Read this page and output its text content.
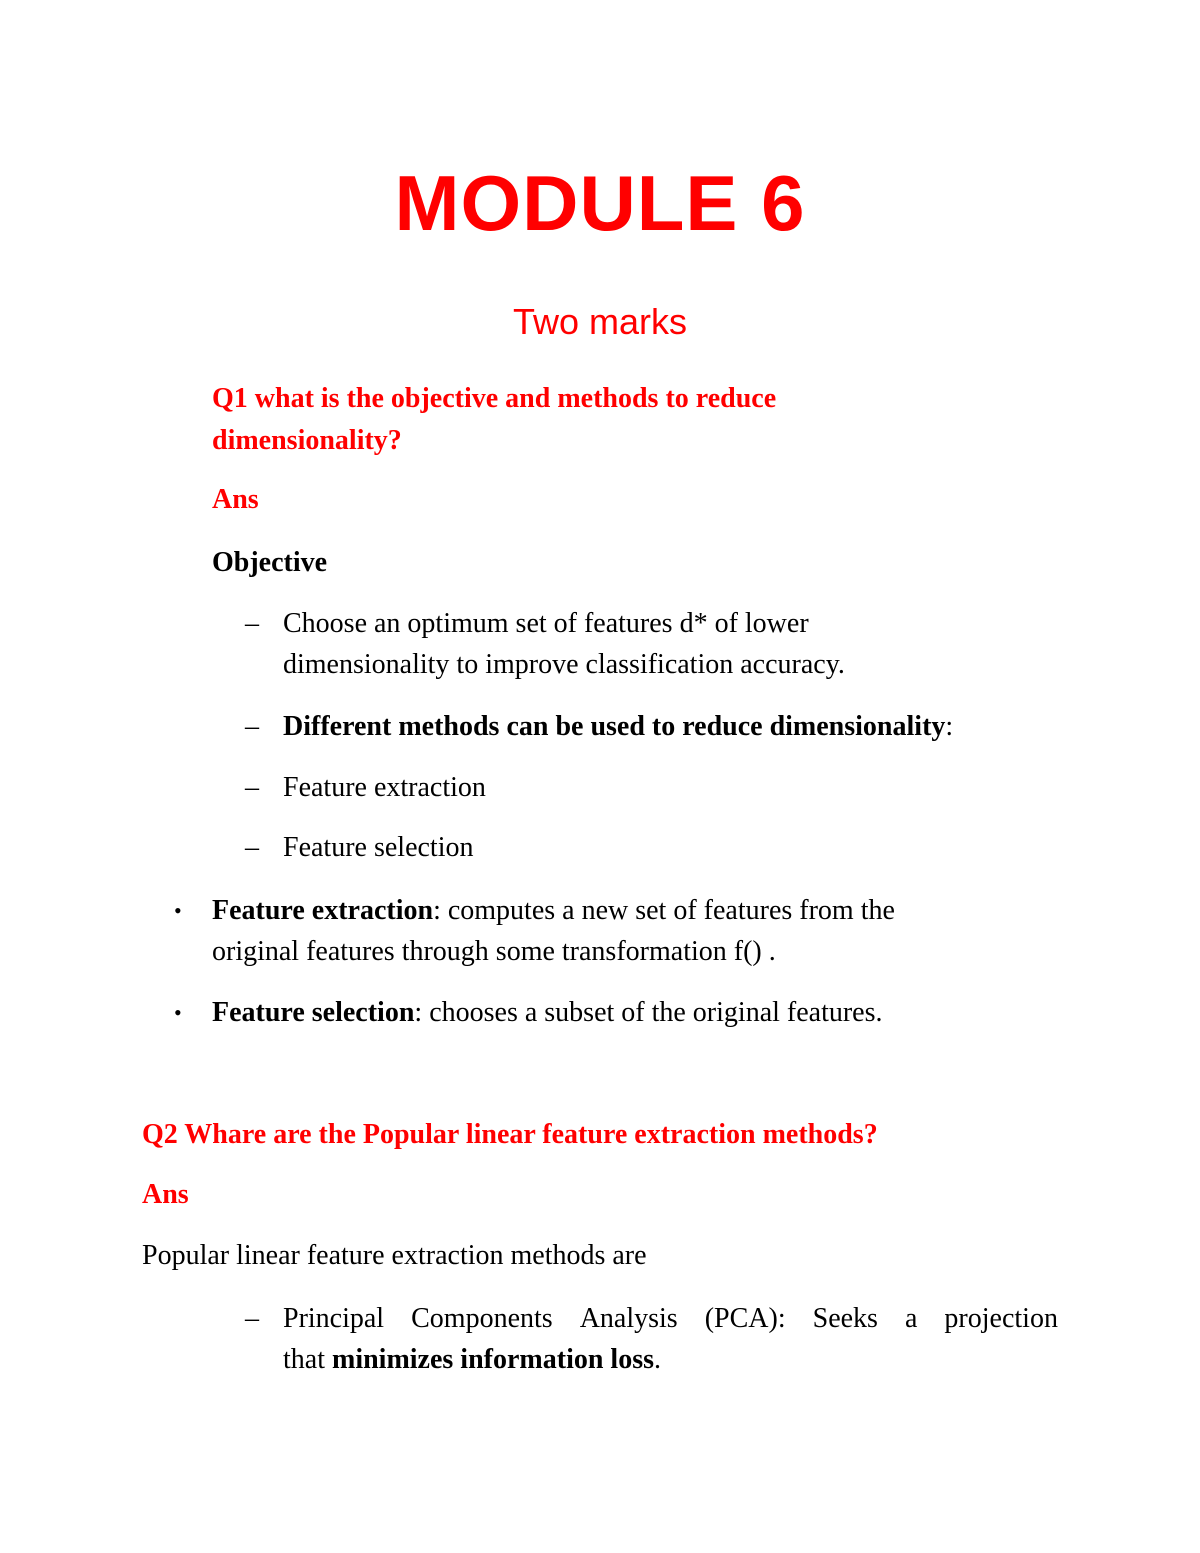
MODULE 6
Two marks
Q1 what is the objective and methods to reduce dimensionality?
Ans
Objective
– Choose an optimum set of features d* of lower
dimensionality to improve classification accuracy.
– Different methods can be used to reduce dimensionality:
– Feature extraction
– Feature selection
• Feature extraction: computes a new set of features from the
original features through some transformation f() .
• Feature selection: chooses a subset of the original features.
Q2 Whare are the Popular linear feature extraction methods?
Ans
Popular linear feature extraction methods are
– Principal Components Analysis (PCA): Seeks a projection
that minimizes information loss.
